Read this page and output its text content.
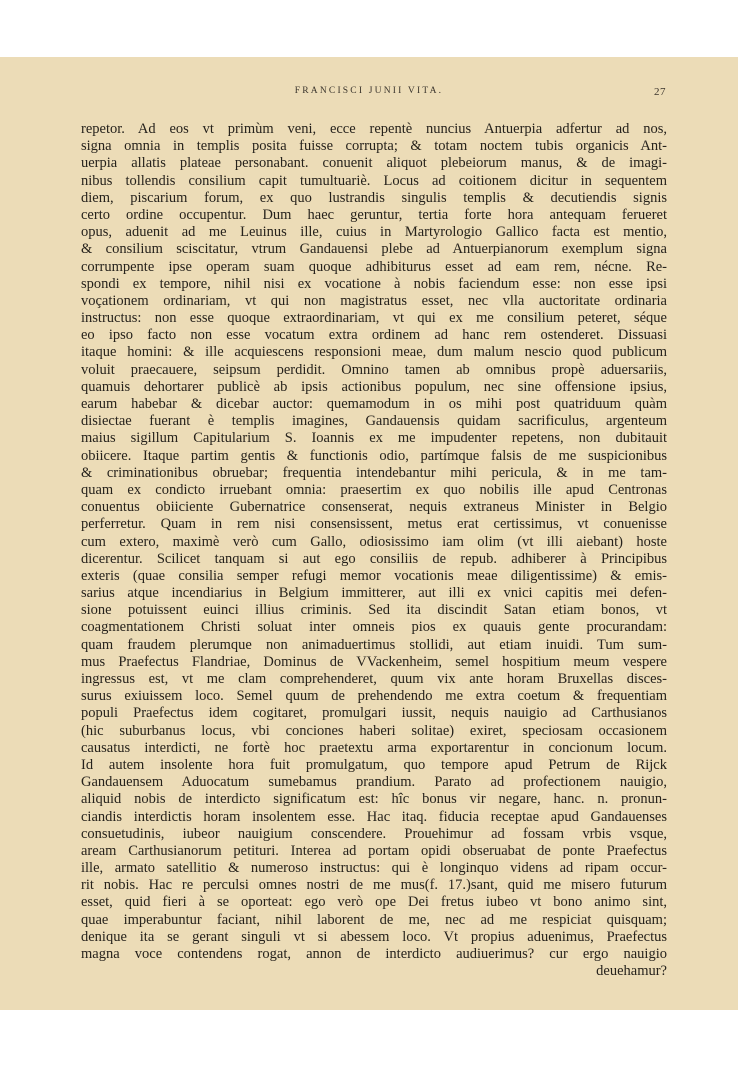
FRANCISCI JUNII VITA.	27
repetor. Ad eos vt primùm veni, ecce repentè nuncius Antuerpia adfertur ad nos,
signa omnia in templis posita fuisse corrupta; & totam noctem tubis organicis Ant-
uerpia allatis plateae personabant. conuenit aliquot plebeiorum manus, & de imagi-
nibus tollendis consilium capit tumultuariè. Locus ad coitionem dicitur in sequentem
diem, piscarium forum, ex quo lustrandis singulis templis & decutiendis signis
certo ordine occupentur. Dum haec geruntur, tertia forte hora antequam ferueret
opus, aduenit ad me Leuinus ille, cuius in Martyrologio Gallico facta est mentio,
& consilium sciscitatur, vtrum Gandauensi plebe ad Antuerpianorum exemplum signa
corrumpente ipse operam suam quoque adhibiturus esset ad eam rem, nécne. Re-
spondi ex tempore, nihil nisi ex vocatione à nobis faciendum esse: non esse ipsi
voçationem ordinariam, vt qui non magistratus esset, nec vlla auctoritate ordinaria
instructus: non esse quoque extraordinariam, vt qui ex me consilium peteret, séque
eo ipso facto non esse vocatum extra ordinem ad hanc rem ostenderet. Dissuasi
itaque homini: & ille acquiescens responsioni meae, dum malum nescio quod publicum
voluit praecauere, seipsum perdidit. Omnino tamen ab omnibus propè aduersariis,
quamuis dehortarer publicè ab ipsis actionibus populum, nec sine offensione ipsius,
earum habebar & dicebar auctor: quemamodum in os mihi post quatriduum quàm
disiectae fuerant è templis imagines, Gandauensis quidam sacrificulus, argenteum
maius sigillum Capitularium S. Ioannis ex me impudenter repetens, non dubitauit
obiicere. Itaque partim gentis & functionis odio, partímque falsis de me suspicionibus
& criminationibus obruebar; frequentia intendebantur mihi pericula, & in me tam-
quam ex condicto irruebant omnia: praesertim ex quo nobilis ille apud Centronas
conuentus obiiciente Gubernatrice consenserat, nequis extraneus Minister in Belgio
perferretur. Quam in rem nisi consensissent, metus erat certissimus, vt conuenisse
cum extero, maximè verò cum Gallo, odiosissimo iam olim (vt illi aiebant) hoste
dicerentur. Scilicet tanquam si aut ego consiliis de repub. adhiberer à Principibus
exteris (quae consilia semper refugi memor vocationis meae diligentissime) & emis-
sarius atque incendiarius in Belgium immitterer, aut illi ex vnici capitis mei defen-
sione potuissent euinci illius criminis. Sed ita discindit Satan etiam bonos, vt
coagmentationem Christi soluat inter omneis pios ex quauis gente procurandam:
quam fraudem plerumque non animaduertimus stollidi, aut etiam inuidi. Tum sum-
mus Praefectus Flandriae, Dominus de VVackenheim, semel hospitium meum vespere
ingressus est, vt me clam comprehenderet, quum vix ante horam Bruxellas disces-
surus exiuissem loco. Semel quum de prehendendo me extra coetum & frequentiam
populi Praefectus idem cogitaret, promulgari iussit, nequis nauigio ad Carthusianos
(hic suburbanus locus, vbi conciones haberi solitae) exiret, speciosam occasionem
causatus interdicti, ne fortè hoc praetextu arma exportarentur in concionum locum.
Id autem insolente hora fuit promulgatum, quo tempore apud Petrum de Rijck
Gandauensem Aduocatum sumebamus prandium. Parato ad profectionem nauigio,
aliquid nobis de interdicto significatum est: hîc bonus vir negare, hanc. n. pronun-
ciandis interdictis horam insolentem esse. Hac itaq. fiducia receptae apud Gandauenses
consuetudinis, iubeor nauigium conscendere. Prouehimur ad fossam vrbis vsque,
aream Carthusianorum petituri. Interea ad portam opidi obseruabat de ponte Praefectus
ille, armato satellitio & numeroso instructus: qui è longinquo videns ad ripam occur-
rit nobis. Hac re perculsi omnes nostri de me mus(f. 17.)sant, quid me misero futurum
esset, quid fieri à se oporteat: ego verò ope Dei fretus iubeo vt bono animo sint,
quae imperabuntur faciant, nihil laborent de me, nec ad me respiciat quisquam;
denique ita se gerant singuli vt si abessem loco. Vt propius aduenimus, Praefectus
magna voce contendens rogat, annon de interdicto audiuerimus? cur ergo nauigio
deuehamur?
